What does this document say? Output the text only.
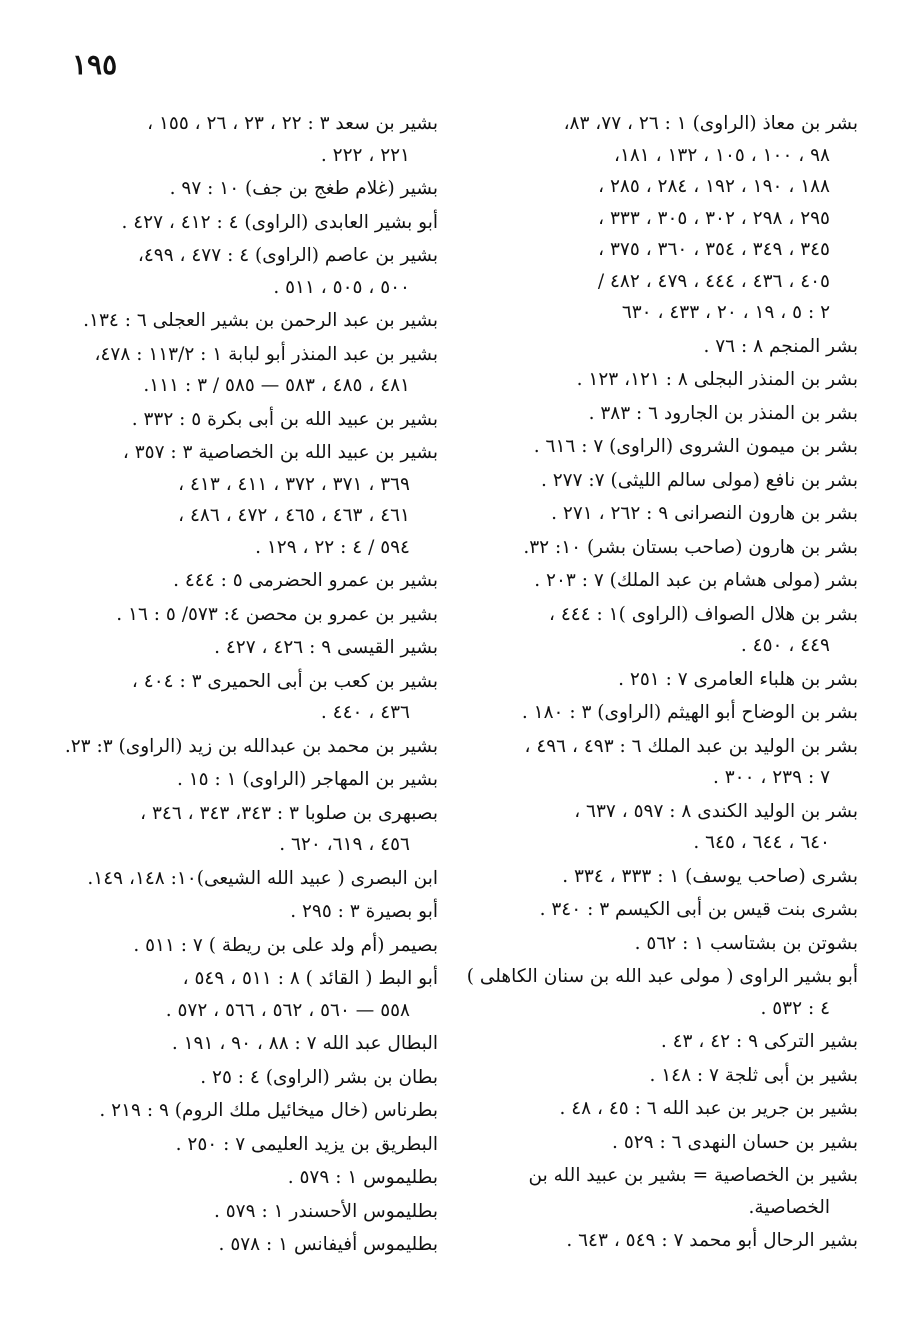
١٩٥
بشر بن معاذ (الراوى) ١ : ٢٦ ، ٧٧، ٨٣،
٩٨ ، ١٠٠ ، ١٠٥ ، ١٣٢ ، ١٨١،
١٨٨ ، ١٩٠ ، ١٩٢ ، ٢٨٤ ، ٢٨٥ ،
٢٩٥ ، ٢٩٨ ، ٣٠٢ ، ٣٠٥ ، ٣٣٣ ،
٣٤٥ ، ٣٤٩ ، ٣٥٤ ، ٣٦٠ ، ٣٧٥ ،
٤٠٥ ، ٤٣٦ ، ٤٤٤ ، ٤٧٩ ، ٤٨٢ /
٢ : ٥ ، ١٩ ، ٢٠ ، ٤٣٣ ، ٦٣٠
بشر المنجم ٨ : ٧٦ .
بشر بن المنذر البجلى ٨ : ١٢١، ١٢٣ .
بشر بن المنذر بن الجارود ٦ : ٣٨٣ .
بشر بن ميمون الشروى (الراوى) ٧ : ٦١٦ .
بشر بن نافع (مولى سالم الليثى) ٧: ٢٧٧ .
بشر بن هارون النصرانى ٩ : ٢٦٢ ، ٢٧١ .
بشر بن هارون (صاحب بستان بشر) ١٠: ٣٢.
بشر (مولى هشام بن عبد الملك) ٧ : ٢٠٣ .
بشر بن هلال الصواف (الراوى )١ : ٤٤٤ ،
٤٤٩ ، ٤٥٠ .
بشر بن هلباء العامرى ٧ : ٢٥١ .
بشر بن الوضاح أبو الهيثم (الراوى) ٣ : ١٨٠ .
بشر بن الوليد بن عبد الملك ٦ : ٤٩٣ ، ٤٩٦ ،
٧ : ٢٣٩ ، ٣٠٠ .
بشر بن الوليد الكندى ٨ : ٥٩٧ ، ٦٣٧ ،
٦٤٠ ، ٦٤٤ ، ٦٤٥ .
بشرى (صاحب يوسف) ١ : ٣٣٣ ، ٣٣٤ .
بشرى بنت قيس بن أبى الكيسم ٣ : ٣٤٠ .
بشوتن بن بشتاسب ١ : ٥٦٢ .
أبو بشير الراوى ( مولى عبد الله بن سنان الكاهلى )
٤ : ٥٣٢ .
بشير التركى ٩ : ٤٢ ، ٤٣ .
بشير بن أبى ثلجة ٧ : ١٤٨ .
بشير بن جرير بن عبد الله ٦ : ٤٥ ، ٤٨ .
بشير بن حسان النهدى ٦ : ٥٢٩ .
بشير بن الخصاصية = بشير بن عبيد الله بن
الخصاصية.
بشير الرحال أبو محمد ٧ : ٥٤٩ ، ٦٤٣ .
بشير بن سعد ٣ : ٢٢ ، ٢٣ ، ٢٦ ، ١٥٥ ،
٢٢١ ، ٢٢٢ .
بشير (غلام طغج بن جف) ١٠ : ٩٧ .
أبو بشير العابدى (الراوى) ٤ : ٤١٢ ، ٤٢٧ .
بشير بن عاصم (الراوى) ٤ : ٤٧٧ ، ٤٩٩،
٥٠٠ ، ٥٠٥ ، ٥١١ .
بشير بن عبد الرحمن بن بشير العجلى ٦ : ١٣٤.
بشير بن عبد المنذر أبو لبابة ١ : ١١٣/٢ : ٤٧٨،
٤٨١ ، ٤٨٥ ، ٥٨٣ — ٥٨٥ / ٣ : ١١١.
بشير بن عبيد الله بن أبى بكرة ٥ : ٣٣٢ .
بشير بن عبيد الله بن الخصاصية ٣ : ٣٥٧ ،
٣٦٩ ، ٣٧١ ، ٣٧٢ ، ٤١١ ، ٤١٣ ،
٤٦١ ، ٤٦٣ ، ٤٦٥ ، ٤٧٢ ، ٤٨٦ ،
٥٩٤ / ٤ : ٢٢ ، ١٢٩ .
بشير بن عمرو الحضرمى ٥ : ٤٤٤ .
بشير بن عمرو بن محصن ٤: ٥٧٣/ ٥ : ١٦ .
بشير القيسى ٩ : ٤٢٦ ، ٤٢٧ .
بشير بن كعب بن أبى الحميرى ٣ : ٤٠٤ ،
٤٣٦ ، ٤٤٠ .
بشير بن محمد بن عبدالله بن زيد (الراوى) ٣: ٢٣.
بشير بن المهاجر (الراوى) ١ : ١٥ .
بصبهرى بن صلوبا ٣ : ٣٤٣، ٣٤٣ ، ٣٤٦ ،
٤٥٦ ، ٦١٩، ٦٢٠ .
ابن البصرى ( عبيد الله الشيعى)١٠: ١٤٨، ١٤٩.
أبو بصيرة ٣ : ٢٩٥ .
بصيمر (أم ولد على بن ريطة ) ٧ : ٥١١ .
أبو البط ( القائد ) ٨ : ٥١١ ، ٥٤٩ ،
٥٥٨ — ٥٦٠ ، ٥٦٢ ، ٥٦٦ ، ٥٧٢ .
البطال عبد الله ٧ : ٨٨ ، ٩٠ ، ١٩١ .
بطان بن بشر (الراوى) ٤ : ٢٥ .
بطرناس (خال ميخائيل ملك الروم) ٩ : ٢١٩ .
البطريق بن يزيد العليمى ٧ : ٢٥٠ .
بطليموس ١ : ٥٧٩ .
بطليموس الأحسندر ١ : ٥٧٩ .
بطليموس أفيفانس ١ : ٥٧٨ .
